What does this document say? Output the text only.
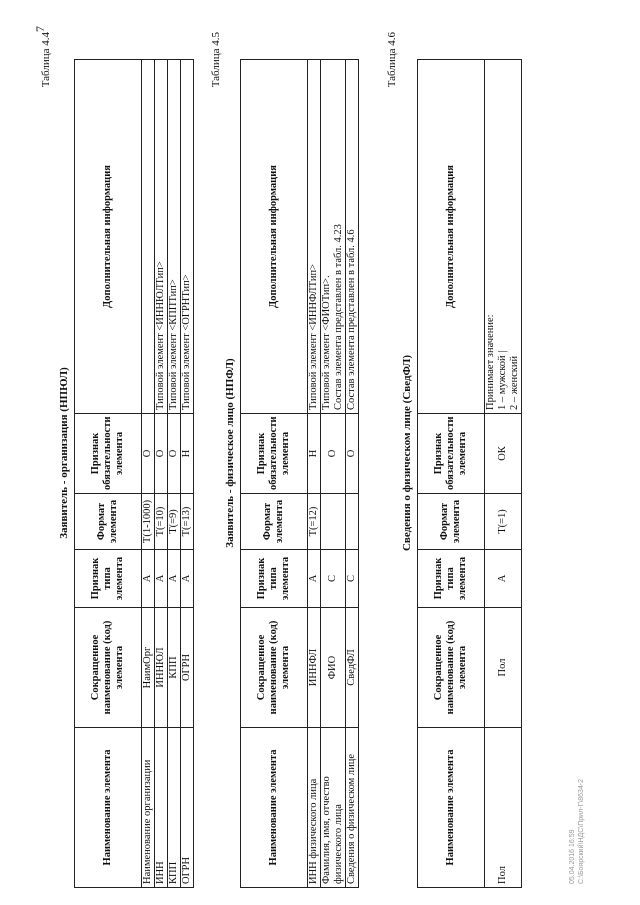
7
Таблица 4.4
Заявитель - организация (НПЮЛ)
Наименование элемента	Сокращенное наименование (код) элемента	Признак типа элемента	Формат элемента	Признак обязательности элемента	Дополнительная информация
Наименование организации	НаимОрг	А	Т(1-1000)	О	
ИНН	ИННЮЛ	А	Т(=10)	О	Типовой элемент <ИННЮЛТип>
КПП	КПП	А	Т(=9)	О	Типовой элемент <КППТип>
ОГРН	ОГРН	А	Т(=13)	Н	Типовой элемент <ОГРНТип>
Таблица 4.5
Заявитель - физическое лицо (НПФЛ)
Наименование элемента	Сокращенное наименование (код) элемента	Признак типа элемента	Формат элемента	Признак обязательности элемента	Дополнительная информация
ИНН физического лица	ИННФЛ	А	Т(=12)	Н	Типовой элемент <ИННФЛТип>
Фамилия, имя, отчество физического лица	ФИО	С		О	Типовой элемент <ФИОТип>. Состав элемента представлен в табл. 4.23

Сведения о физическом лице	СведФЛ	С		О	Состав элемента представлен в табл. 4.6
Таблица 4.6
Сведения о физическом лице (СведФЛ)
Наименование элемента	Сокращенное наименование (код) элемента	Признак типа элемента	Формат элемента	Признак обязательности элемента	Дополнительная информация
Пол	Пол	А	Т(=1)	ОК	Принимает значение: 1 – мужской | 2 – женский
05.04.2016 16:59 С:\Боярский\НДС\Прил-Г\8634-2
